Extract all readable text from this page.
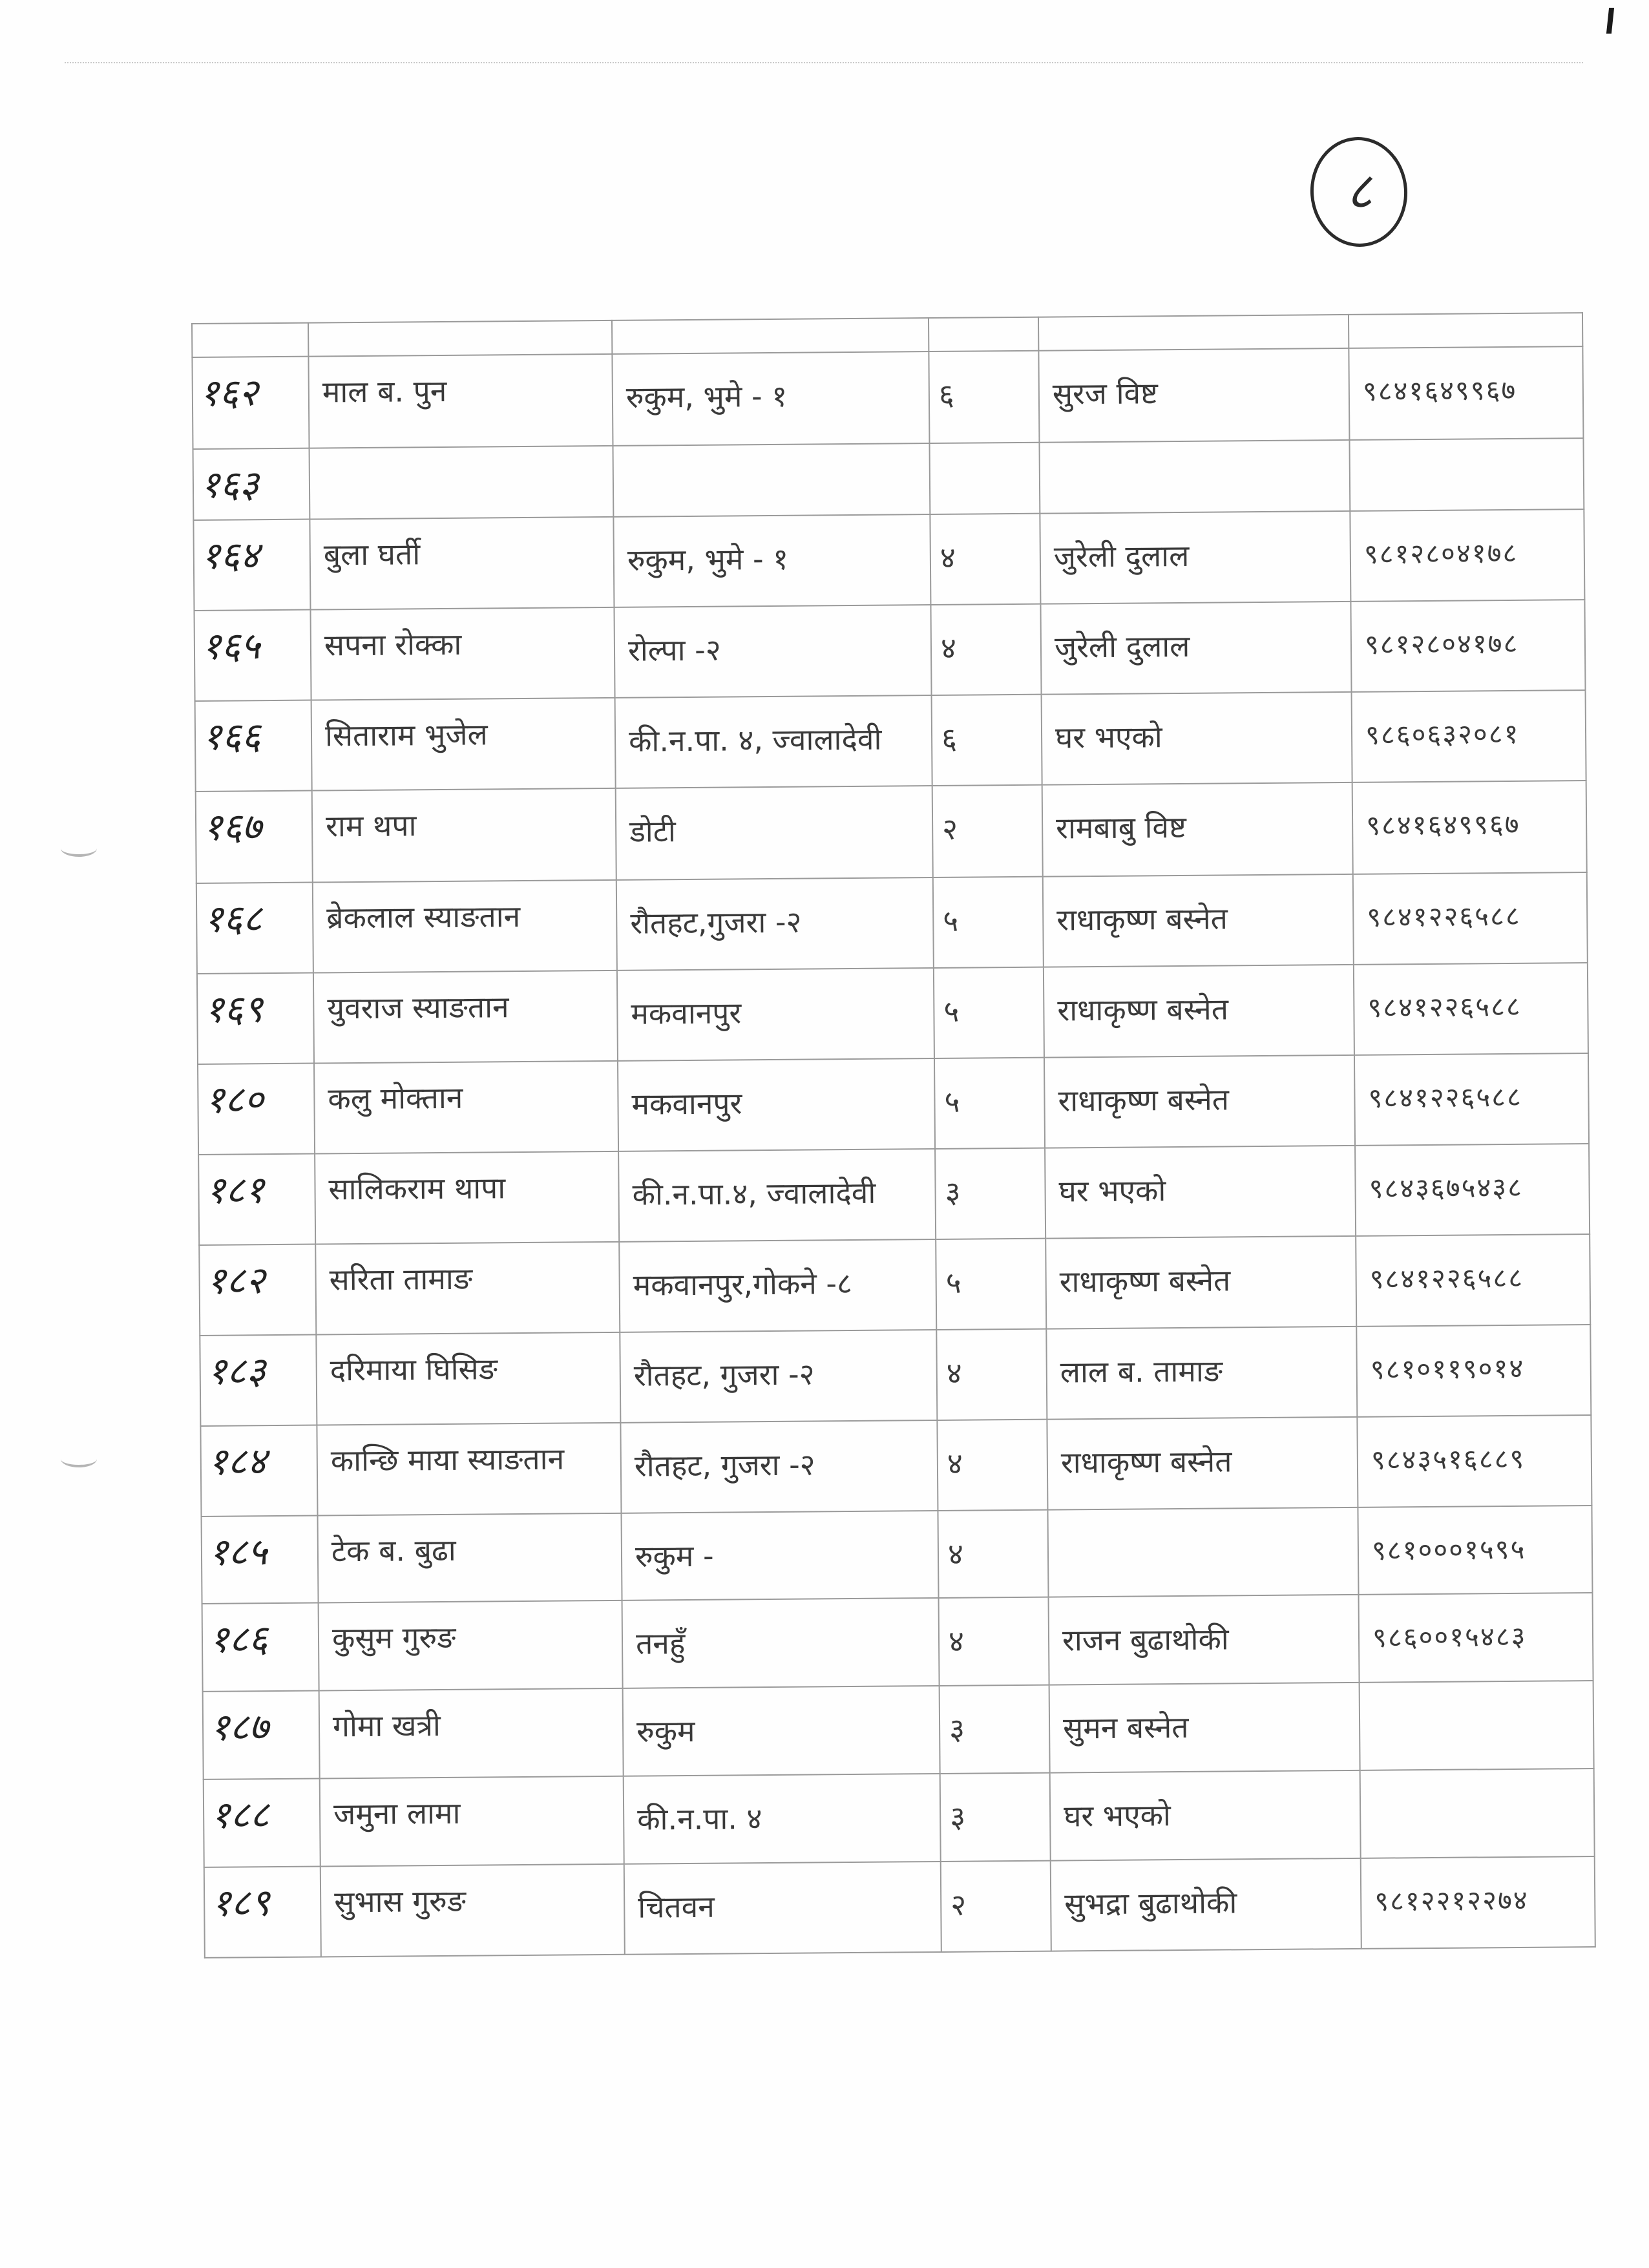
८

१६२	माल ब. पुन	रुकुम, भुमे - १	६	सुरज विष्ट	९८४१६४९९६७
१६३					
१६४	बुला घर्ती	रुकुम, भुमे - १	४	जुरेली दुलाल	९८१२८०४१७८
१६५	सपना रोक्का	रोल्पा -२	४	जुरेली दुलाल	९८१२८०४१७८
१६६	सिताराम भुजेल	की.न.पा. ४, ज्वालादेवी	६	घर भएको	९८६०६३२०८१
१६७	राम थपा	डोटी	२	रामबाबु विष्ट	९८४१६४९९६७
१६८	ब्रेकलाल स्याङतान	रौतहट,गुजरा -२	५	राधाकृष्ण बस्नेत	९८४१२२६५८८
१६९	युवराज स्याङतान	मकवानपुर	५	राधाकृष्ण बस्नेत	९८४१२२६५८८
१८०	कलु मोक्तान	मकवानपुर	५	राधाकृष्ण बस्नेत	९८४१२२६५८८
१८१	सालिकराम थापा	की.न.पा.४, ज्वालादेवी	३	घर भएको	९८४३६७५४३८
१८२	सरिता तामाङ	मकवानपुर,गोकने -८	५	राधाकृष्ण बस्नेत	९८४१२२६५८८
१८३	दरिमाया घिसिङ	रौतहट, गुजरा -२	४	लाल ब. तामाङ	९८१०११९०१४
१८४	कान्छि माया स्याङतान	रौतहट, गुजरा -२	४	राधाकृष्ण बस्नेत	९८४३५१६८८९
१८५	टेक ब. बुढा	रुकुम -	४		९८१०००१५९५
१८६	कुसुम गुरुङ	तनहुँ	४	राजन बुढाथोकी	९८६००१५४८३
१८७	गोमा खत्री	रुकुम	३	सुमन बस्नेत	
१८८	जमुना लामा	की.न.पा. ४	३	घर भएको	
१८९	सुभास गुरुङ	चितवन	२	सुभद्रा बुढाथोकी	९८१२२१२२७४
